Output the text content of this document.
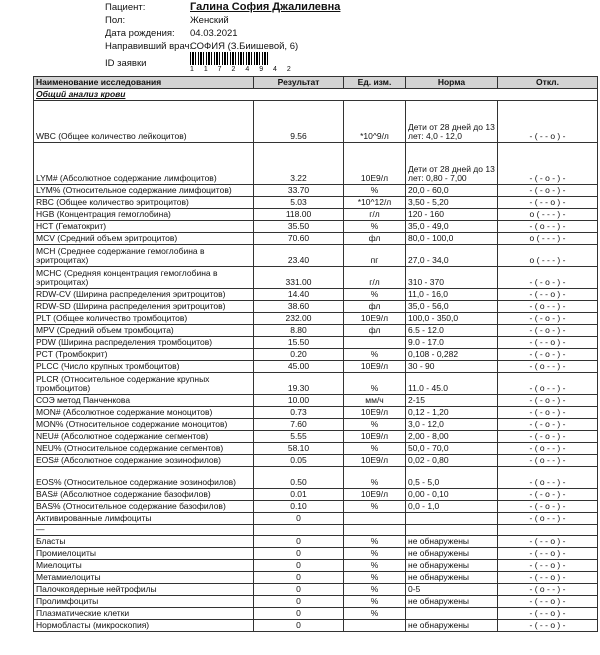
Пациент:	Галина София Джалилевна
Пол:	Женский
Дата рождения: 04.03.2021
Направивший врач:
СОФИЯ (З.Биишевой, 6)
ID заявки
1 1 7 2 4 9 4 2
Наименование исследования	Результат	Ед. изм.	Норма	Откл.
Общий анализ крови				
WBC (Общее количество лейкоцитов)	9.56	*10^9/л	Дети от 28 дней до 13 лет: 4,0 - 12,0	- ( - - о ) -
LYM# (Абсолютное содержание лимфоцитов)	3.22	10E9/л	Дети от 28 дней до 13 лет: 0,80 - 7,00	- ( - о - ) -
LYM% (Относительное содержание лимфоцитов)	33.70	%	20,0 - 60,0	- ( - о - ) -
RBC (Общее количество эритроцитов)	5.03	*10^12/л	3,50 - 5,20	- ( - - о ) -
HGB (Концентрация гемоглобина)	118.00	г/л	120 - 160	о ( - - - ) -
HCT (Гематокрит)	35.50	%	35,0 - 49,0	- ( о - - ) -
MCV (Средний объем эритроцитов)	70.60	фл	80,0 - 100,0	о ( - - - ) -
MCH (Среднее содержание гемоглобина в эритроцитах)	23.40	пг	27,0 - 34,0	о ( - - - ) -
MCHC (Средняя концентрация гемоглобина в эритроцитах)	331.00	г/л	310 - 370	- ( - о - ) -
RDW-CV (Ширина распределения эритроцитов)	14.40	%	11,0 - 16,0	- ( - - о ) -
RDW-SD (Ширина распределения эритроцитов)	38.60	фл	35,0 - 56,0	- ( о - - ) -
PLT (Общее количество тромбоцитов)	232.00	10E9/л	100,0 - 350,0	- ( - о - ) -
MPV (Средний объем тромбоцита)	8.80	фл	6.5 - 12.0	- ( - о - ) -
PDW (Ширина распределения тромбоцитов)	15.50		9.0 - 17.0	- ( - - о ) -
PCT (Тромбокрит)	0.20	%	0,108 - 0,282	- ( - о - ) -
PLCC (Число крупных тромбоцитов)	45.00	10E9/л	30 - 90	- ( о - - ) -
PLCR (Относительное содержание крупных тромбоцитов)	19.30	%	11.0 - 45.0	- ( о - - ) -
СОЭ метод Панченкова	10.00	мм/ч	2-15	- ( - о - ) -
MON# (Абсолютное содержание моноцитов)	0.73	10E9/л	0,12 - 1,20	- ( - о - ) -
MON% (Относительное содержание моноцитов)	7.60	%	3,0 - 12,0	- ( - о - ) -
NEU# (Абсолютное содержание сегментов)	5.55	10E9/л	2,00 - 8,00	- ( - о - ) -
NEU% (Относительное содержание сегментов)	58.10	%	50,0 - 70,0	- ( о - - ) -
EOS# (Абсолютное содержание эозинофилов)	0.05	10E9/л	0,02 - 0,80	- ( о - - ) -
EOS% (Относительное содержание эозинофилов)	0.50	%	0,5 - 5,0	- ( о - - ) -
BAS# (Абсолютное содержание базофилов)	0.01	10E9/л	0,00 - 0,10	- ( - о - ) -
BAS% (Относительное содержание базофилов)	0.10	%	0,0 - 1,0	- ( - о - ) -
Активированные лимфоциты	0			- ( о - - ) -
—				
Бласты	0	%	не обнаружены	- ( - - о ) -
Промиелоциты	0	%	не обнаружены	- ( - - о ) -
Миелоциты	0	%	не обнаружены	- ( - - о ) -
Метамиелоциты	0	%	не обнаружены	- ( - - о ) -
Палочкоядерные нейтрофилы	0	%	0-5	- ( о - - ) -
Пролимфоциты	0	%	не обнаружены	- ( - - о ) -
Плазматические клетки	0	%		- ( - - о ) -
Нормобласты (микроскопия)	0		не обнаружены	- ( - - о ) -
